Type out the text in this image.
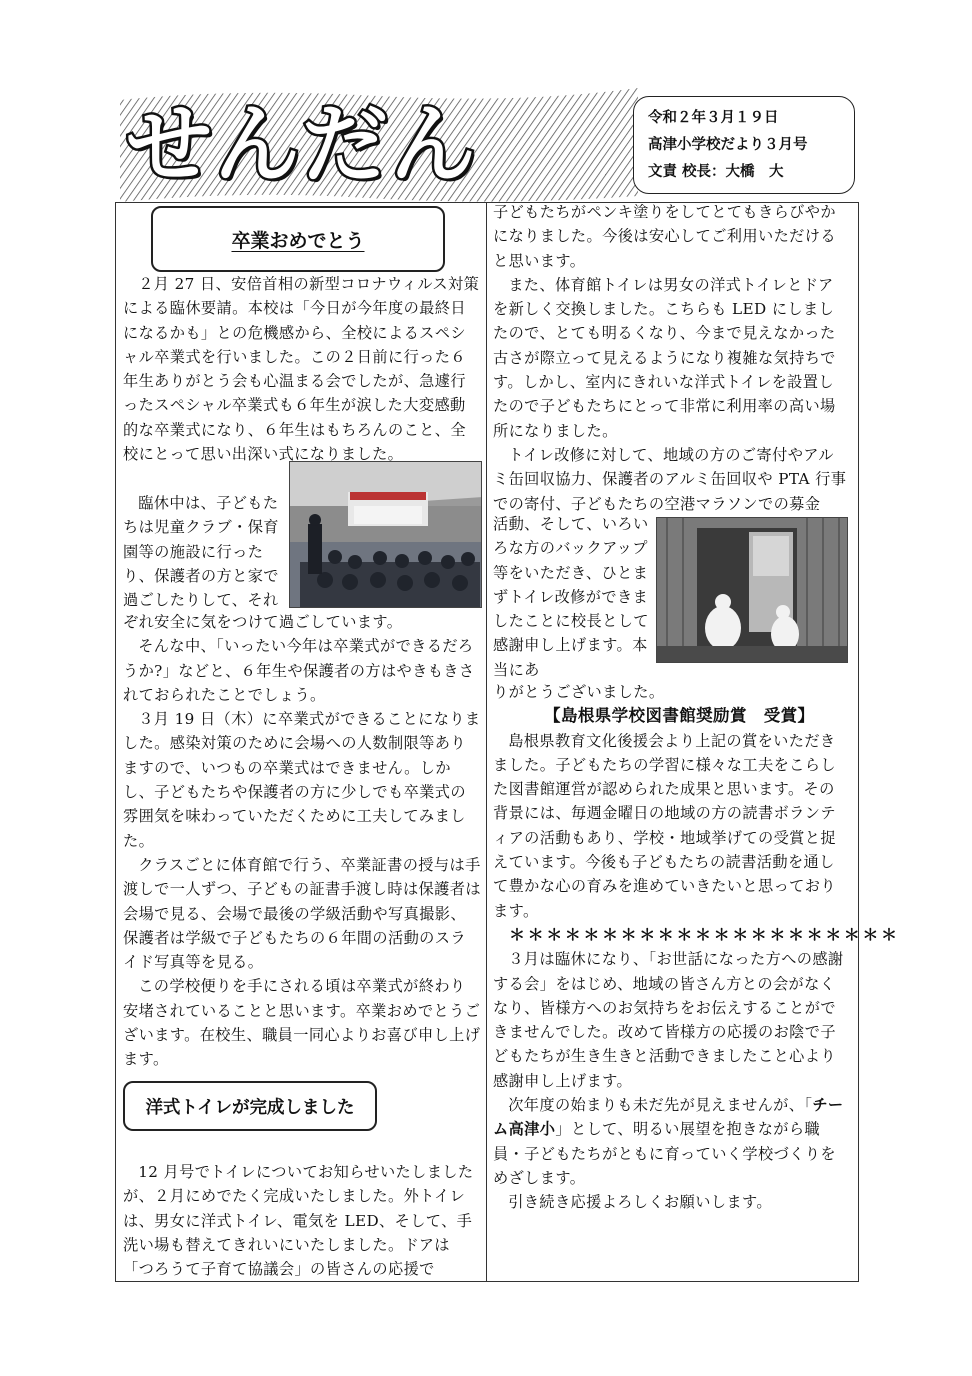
せんだん	令和２年３月１９日
高津小学校だより３月号
文責 校長：大橋　大
卒業おめでとう

２月 27 日、安倍首相の新型コロナウィルス対策による臨休要請。本校は「今日が今年度の最終日になるかも」との危機感から、全校によるスペシャル卒業式を行いました。この２日前に行った６年生ありがとう会も心温まる会でしたが、急遽行ったスペシャル卒業式も６年生が涙した大変感動的な卒業式になり、６年生はもちろんのこと、全校にとって思い出深い式になりました。

臨休中は、子どもたちは児童クラブ・保育園等の施設に行ったり、保護者の方と家で過ごしたりして、それ

ぞれ安全に気をつけて過ごしています。

そんな中、「いったい今年は卒業式ができるだろうか?」などと、６年生や保護者の方はやきもきされておられたことでしょう。

３月 19 日（木）に卒業式ができることになりました。感染対策のために会場への人数制限等ありますので、いつもの卒業式はできません。しかし、子どもたちや保護者の方に少しでも卒業式の雰囲気を味わっていただくために工夫してみました。

クラスごとに体育館で行う、卒業証書の授与は手渡しで一人ずつ、子どもの証書手渡し時は保護者は会場で見る、会場で最後の学級活動や写真撮影、保護者は学級で子どもたちの６年間の活動のスライド写真等を見る。

この学校便りを手にされる頃は卒業式が終わり安堵されていることと思います。卒業おめでとうございます。在校生、職員一同心よりお喜び申し上げます。

洋式トイレが完成しました

12 月号でトイレについてお知らせいたしましたが、２月にめでたく完成いたしました。外トイレは、男女に洋式トイレ、電気を LED、そして、手洗い場も替えてきれいにいたしました。ドアは「つろうて子育て協議会」の皆さんの応援で

子どもたちがペンキ塗りをしてとてもきらびやかになりました。今後は安心してご利用いただけると思います。

また、体育館トイレは男女の洋式トイレとドアを新しく交換しました。こちらも LED にしましたので、とても明るくなり、今まで見えなかった古さが際立って見えるようになり複雑な気持ちです。しかし、室内にきれいな洋式トイレを設置したので子どもたちにとって非常に利用率の高い場所になりました。

トイレ改修に対して、地域の方のご寄付やアルミ缶回収協力、保護者のアルミ缶回収や PTA 行事での寄付、子どもたちの空港マラソンでの募金

活動、そして、いろいろな方のバックアップ等をいただき、ひとまずトイレ改修ができましたことに校長として感謝申し上げます。本当にあ

りがとうございました。

【島根県学校図書館奨励賞　受賞】

島根県教育文化後援会より上記の賞をいただきました。子どもたちの学習に様々な工夫をこらした図書館運営が認められた成果と思います。その背景には、毎週金曜日の地域の方の読書ボランティアの活動もあり、学校・地域挙げての受賞と捉えています。今後も子どもたちの読書活動を通して豊かな心の育みを進めていきたいと思っております。

＊＊＊＊＊＊＊＊＊＊＊＊＊＊＊＊＊＊＊＊＊

３月は臨休になり、「お世話になった方への感謝する会」をはじめ、地域の皆さん方との会がなくなり、皆様方へのお気持ちをお伝えすることができませんでした。改めて皆様方の応援のお陰で子どもたちが生き生きと活動できましたこと心より感謝申し上げます。

次年度の始まりも未だ先が見えませんが、「チーム高津小」として、明るい展望を抱きながら職員・子どもたちがともに育っていく学校づくりをめざします。

引き続き応援よろしくお願いします。
